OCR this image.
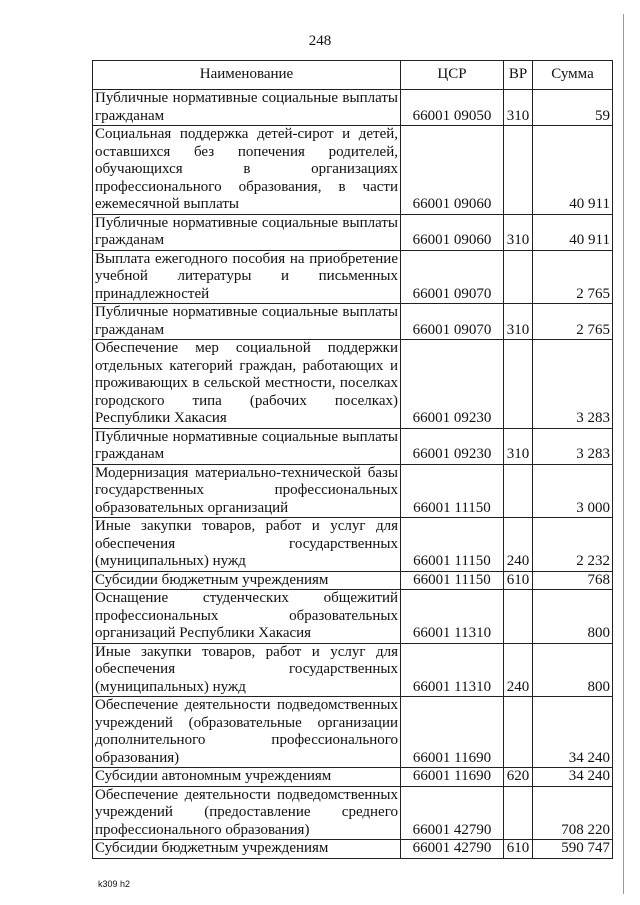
248
Наименование	ЦСР	ВР	Сумма
Публичные нормативные социальные выплаты гражданам	66001 09050	310	59
Социальная поддержка детей-сирот и детей, оставшихся без попечения родителей, обучающихся в организациях профессионального образования, в части ежемесячной выплаты	66001 09060		40 911
Публичные нормативные социальные выплаты гражданам	66001 09060	310	40 911
Выплата ежегодного пособия на приобретение учебной литературы и письменных принадлежностей	66001 09070		2 765
Публичные нормативные социальные выплаты гражданам	66001 09070	310	2 765
Обеспечение мер социальной поддержки отдельных категорий граждан, работающих и проживающих в сельской местности, поселках городского типа (рабочих поселках) Республики Хакасия	66001 09230		3 283
Публичные нормативные социальные выплаты гражданам	66001 09230	310	3 283
Модернизация материально-технической базы государственных профессиональных образовательных организаций	66001 11150		3 000
Иные закупки товаров, работ и услуг для обеспечения государственных (муниципальных) нужд	66001 11150	240	2 232
Субсидии бюджетным учреждениям	66001 11150	610	768
Оснащение студенческих общежитий профессиональных образовательных организаций Республики Хакасия	66001 11310		800
Иные закупки товаров, работ и услуг для обеспечения государственных (муниципальных) нужд	66001 11310	240	800
Обеспечение деятельности подведомственных учреждений (образовательные организации дополнительного профессионального образования)	66001 11690		34 240
Субсидии автономным учреждениям	66001 11690	620	34 240
Обеспечение деятельности подведомственных учреждений (предоставление среднего профессионального образования)	66001 42790		708 220
Субсидии бюджетным учреждениям	66001 42790	610	590 747
k309 h2
